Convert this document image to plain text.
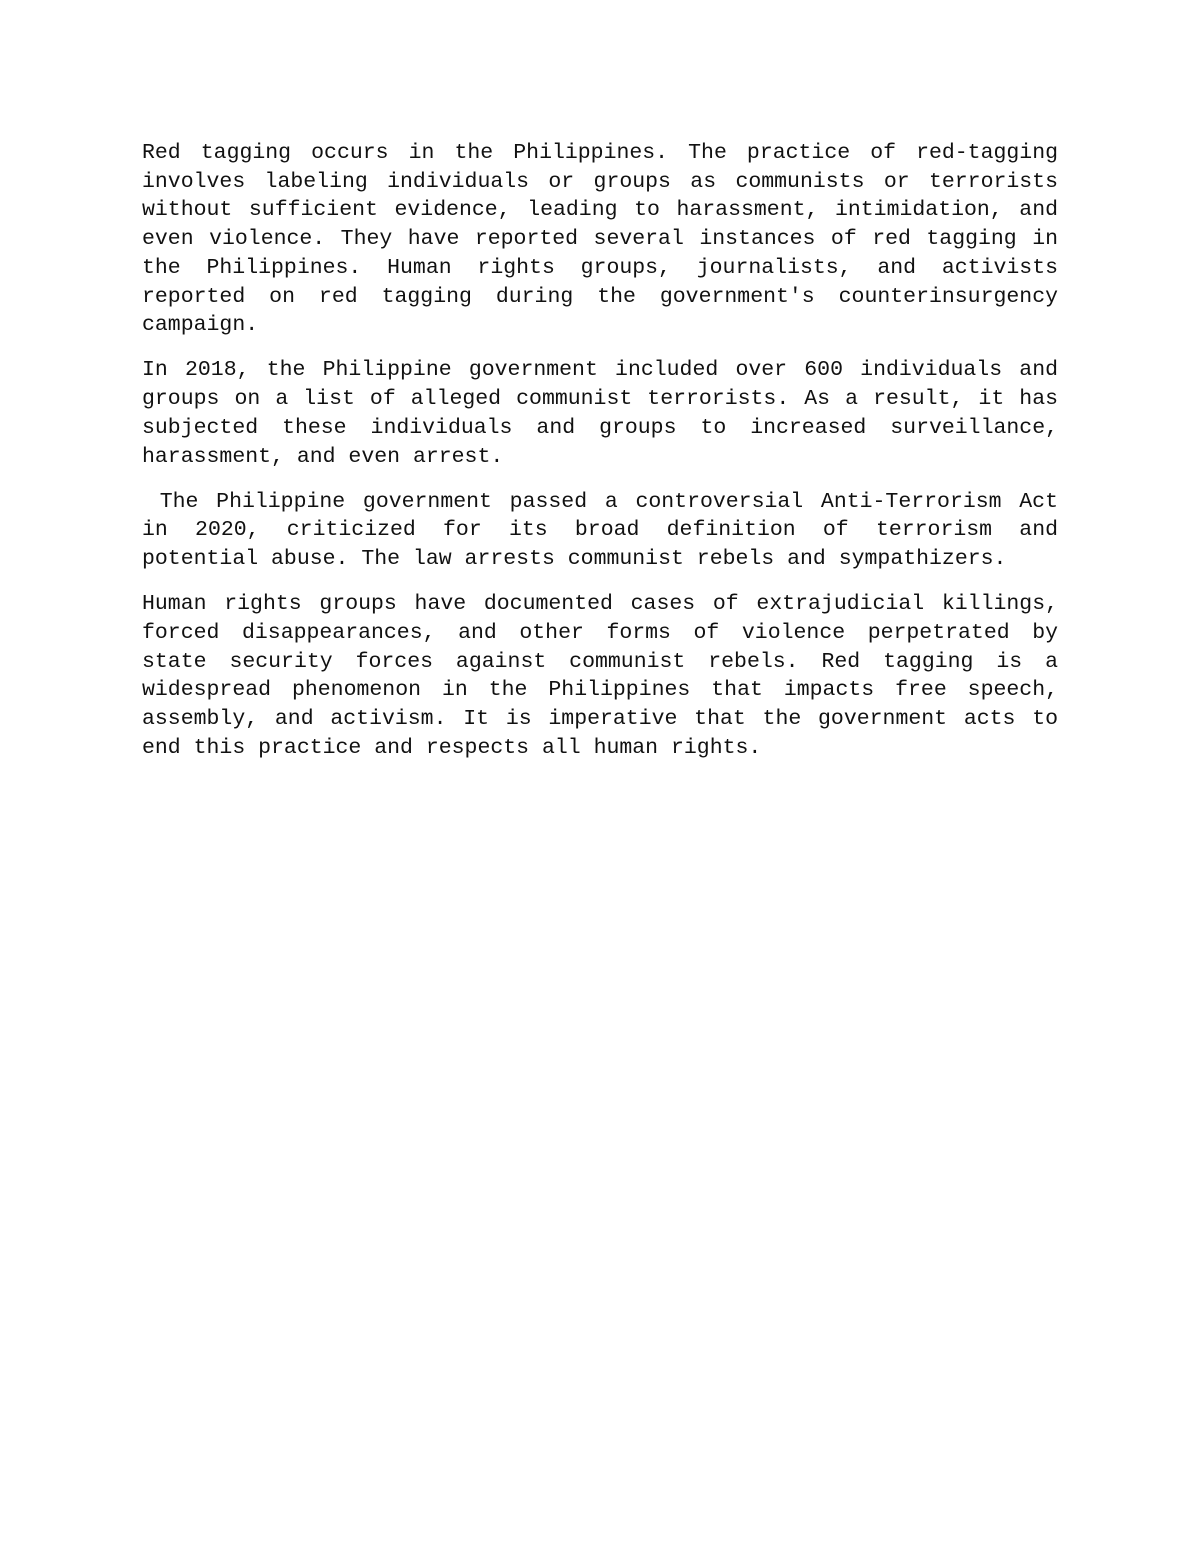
Red tagging occurs in the Philippines. The practice of red-tagging involves labeling individuals or groups as communists or terrorists without sufficient evidence, leading to harassment, intimidation, and even violence. They have reported several instances of red tagging in the Philippines. Human rights groups, journalists, and activists reported on red tagging during the government's counterinsurgency campaign.

In 2018, the Philippine government included over 600 individuals and groups on a list of alleged communist terrorists. As a result, it has subjected these individuals and groups to increased surveillance, harassment, and even arrest.

The Philippine government passed a controversial Anti-Terrorism Act in 2020, criticized for its broad definition of terrorism and potential abuse. The law arrests communist rebels and sympathizers.

Human rights groups have documented cases of extrajudicial killings, forced disappearances, and other forms of violence perpetrated by state security forces against communist rebels. Red tagging is a widespread phenomenon in the Philippines that impacts free speech, assembly, and activism. It is imperative that the government acts to end this practice and respects all human rights.
